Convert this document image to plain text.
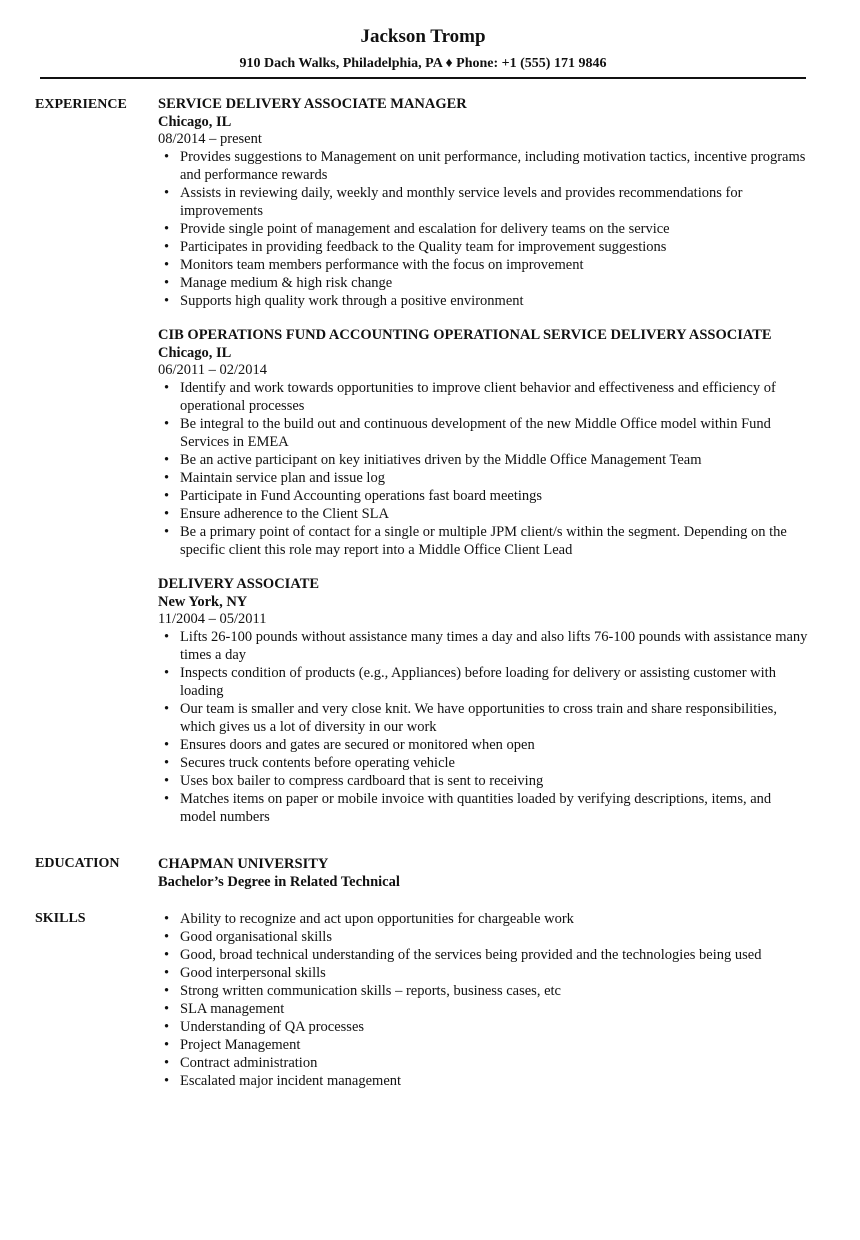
Jackson Tromp
910 Dach Walks, Philadelphia, PA ♦ Phone: +1 (555) 171 9846
EXPERIENCE	SERVICE DELIVERY ASSOCIATE MANAGER
Chicago, IL
08/2014 – present
• Provides suggestions to Management on unit performance, including motivation tactics, incentive programs and performance rewards
• Assists in reviewing daily, weekly and monthly service levels and provides recommendations for improvements
• Provide single point of management and escalation for delivery teams on the service
• Participates in providing feedback to the Quality team for improvement suggestions
• Monitors team members performance with the focus on improvement
• Manage medium & high risk change
• Supports high quality work through a positive environment
CIB OPERATIONS FUND ACCOUNTING OPERATIONAL SERVICE DELIVERY ASSOCIATE
Chicago, IL
06/2011 – 02/2014
• Identify and work towards opportunities to improve client behavior and effectiveness and efficiency of operational processes
• Be integral to the build out and continuous development of the new Middle Office model within Fund Services in EMEA
• Be an active participant on key initiatives driven by the Middle Office Management Team
• Maintain service plan and issue log
• Participate in Fund Accounting operations fast board meetings
• Ensure adherence to the Client SLA
• Be a primary point of contact for a single or multiple JPM client/s within the segment. Depending on the specific client this role may report into a Middle Office Client Lead
DELIVERY ASSOCIATE
New York, NY
11/2004 – 05/2011
• Lifts 26-100 pounds without assistance many times a day and also lifts 76-100 pounds with assistance many times a day
• Inspects condition of products (e.g., Appliances) before loading for delivery or assisting customer with loading
• Our team is smaller and very close knit. We have opportunities to cross train and share responsibilities, which gives us a lot of diversity in our work
• Ensures doors and gates are secured or monitored when open
• Secures truck contents before operating vehicle
• Uses box bailer to compress cardboard that is sent to receiving
• Matches items on paper or mobile invoice with quantities loaded by verifying descriptions, items, and model numbers
EDUCATION	CHAPMAN UNIVERSITY
Bachelor’s Degree in Related Technical
SKILLS
•	Ability to recognize and act upon opportunities for chargeable work
• Good organisational skills
• Good, broad technical understanding of the services being provided and the technologies being used
• Good interpersonal skills
• Strong written communication skills – reports, business cases, etc
• SLA management
• Understanding of QA processes
• Project Management
• Contract administration
• Escalated major incident management
